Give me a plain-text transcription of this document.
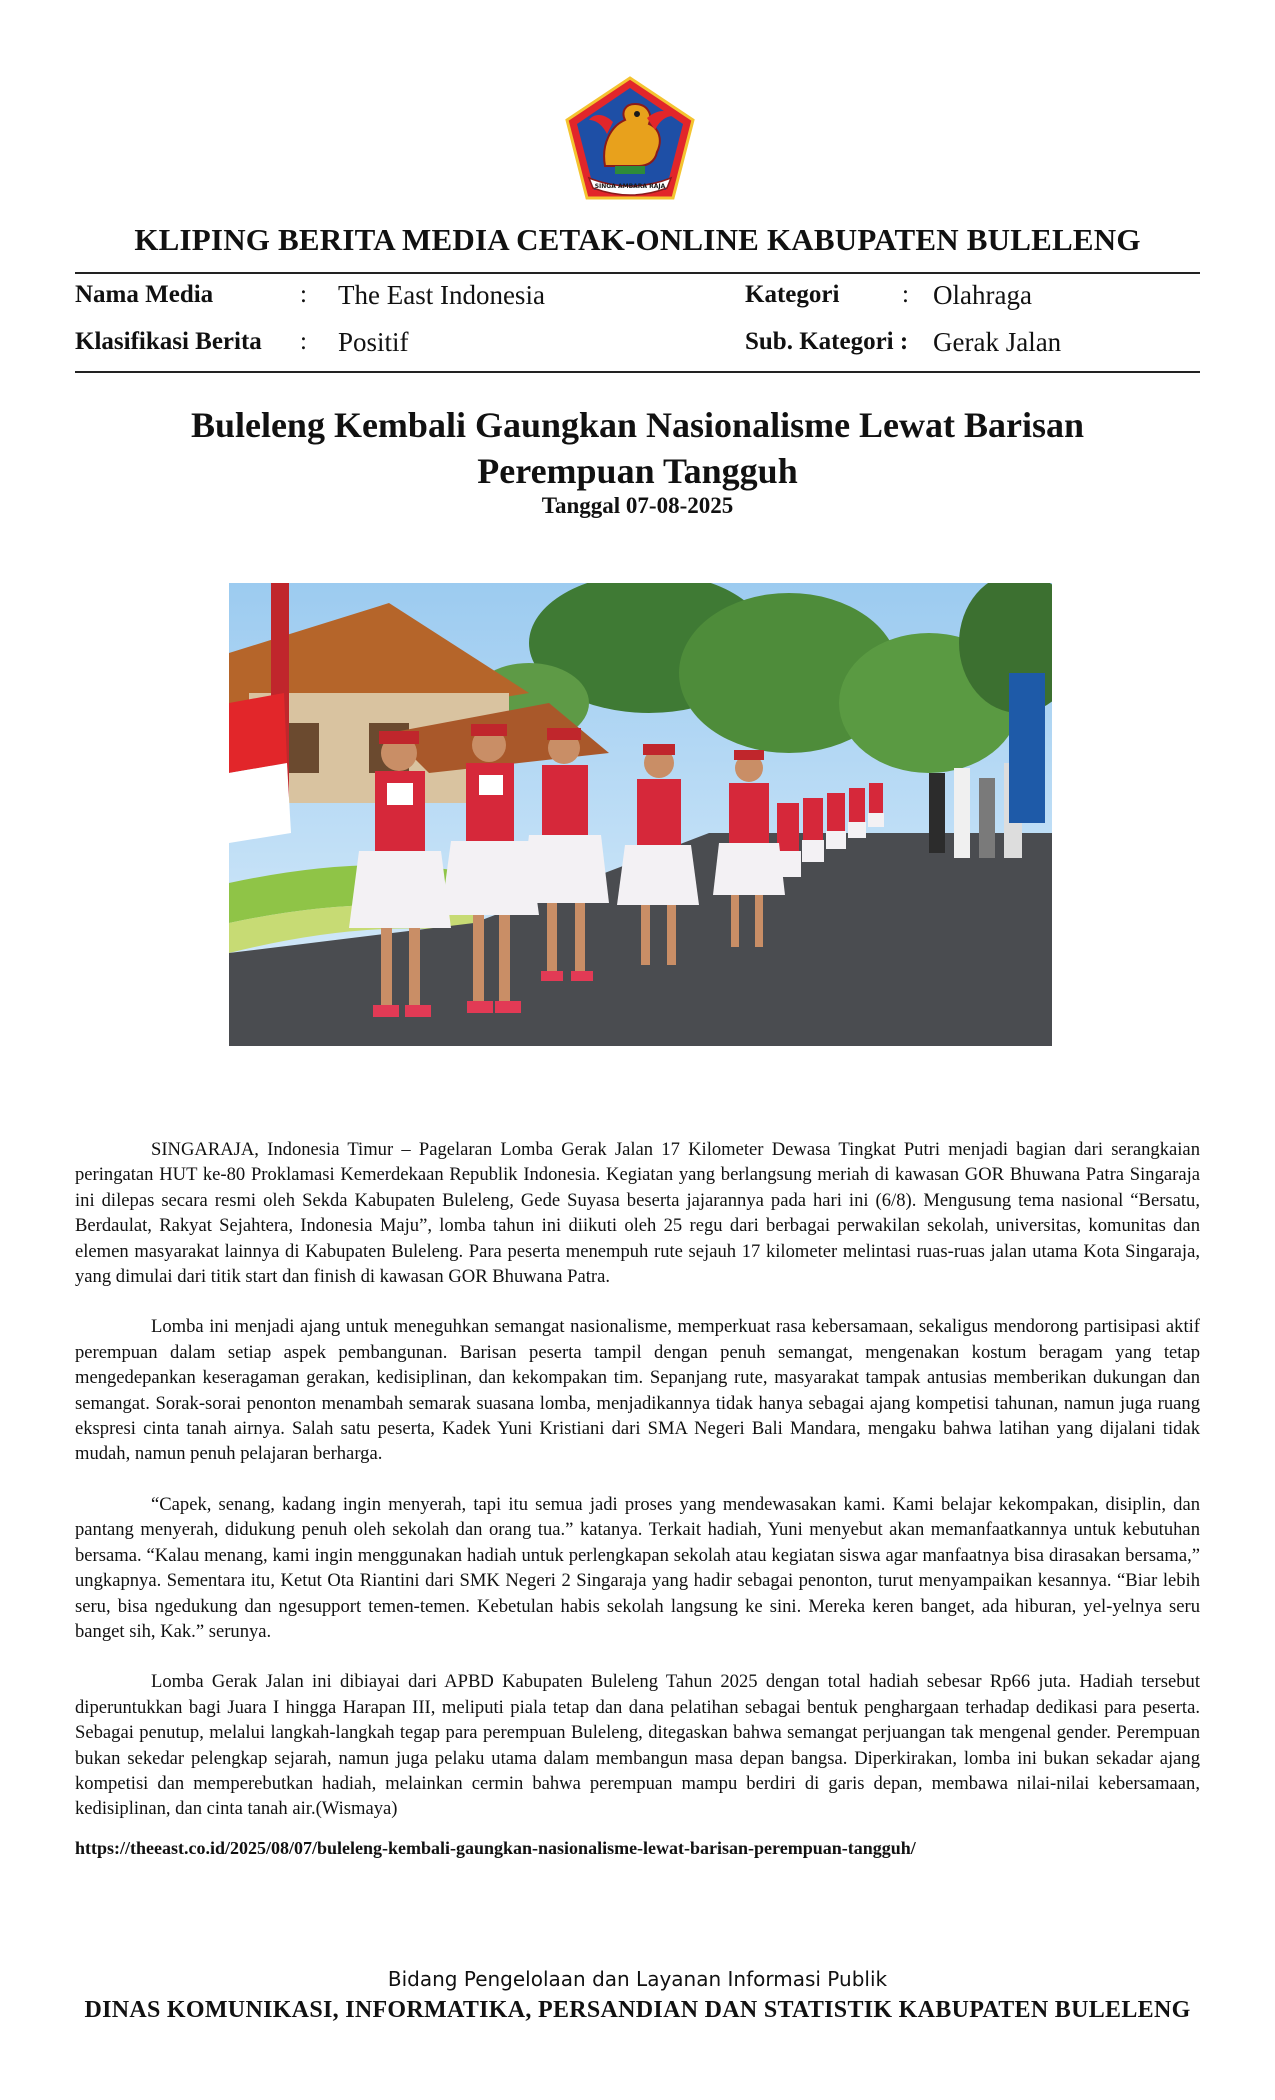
SINGA AMBARA RAJA
KLIPING BERITA MEDIA CETAK-ONLINE KABUPATEN BULELENG
Nama Media	: The East Indonesia
Klasifikasi Berita : Positif
Kategori	: Olahraga
Sub. Kategori : Gerak Jalan
Buleleng Kembali Gaungkan Nasionalisme Lewat Barisan
Perempuan Tangguh
Tanggal 07-08-2025

SINGARAJA, Indonesia Timur – Pagelaran Lomba Gerak Jalan 17 Kilometer Dewasa Tingkat Putri menjadi bagian dari serangkaian peringatan HUT ke-80 Proklamasi Kemerdekaan Republik Indonesia. Kegiatan yang berlangsung meriah di kawasan GOR Bhuwana Patra Singaraja ini dilepas secara resmi oleh Sekda Kabupaten Buleleng, Gede Suyasa beserta jajarannya pada hari ini (6/8). Mengusung tema nasional “Bersatu, Berdaulat, Rakyat Sejahtera, Indonesia Maju”, lomba tahun ini diikuti oleh 25 regu dari berbagai perwakilan sekolah, universitas, komunitas dan elemen masyarakat lainnya di Kabupaten Buleleng. Para peserta menempuh rute sejauh 17 kilometer melintasi ruas-ruas jalan utama Kota Singaraja, yang dimulai dari titik start dan finish di kawasan GOR Bhuwana Patra.

Lomba ini menjadi ajang untuk meneguhkan semangat nasionalisme, memperkuat rasa kebersamaan, sekaligus mendorong partisipasi aktif perempuan dalam setiap aspek pembangunan. Barisan peserta tampil dengan penuh semangat, mengenakan kostum beragam yang tetap mengedepankan keseragaman gerakan, kedisiplinan, dan kekompakan tim. Sepanjang rute, masyarakat tampak antusias memberikan dukungan dan semangat. Sorak-sorai penonton menambah semarak suasana lomba, menjadikannya tidak hanya sebagai ajang kompetisi tahunan, namun juga ruang ekspresi cinta tanah airnya. Salah satu peserta, Kadek Yuni Kristiani dari SMA Negeri Bali Mandara, mengaku bahwa latihan yang dijalani tidak mudah, namun penuh pelajaran berharga.

“Capek, senang, kadang ingin menyerah, tapi itu semua jadi proses yang mendewasakan kami. Kami belajar kekompakan, disiplin, dan pantang menyerah, didukung penuh oleh sekolah dan orang tua.” katanya. Terkait hadiah, Yuni menyebut akan memanfaatkannya untuk kebutuhan bersama. “Kalau menang, kami ingin menggunakan hadiah untuk perlengkapan sekolah atau kegiatan siswa agar manfaatnya bisa dirasakan bersama,” ungkapnya. Sementara itu, Ketut Ota Riantini dari SMK Negeri 2 Singaraja yang hadir sebagai penonton, turut menyampaikan kesannya. “Biar lebih seru, bisa ngedukung dan ngesupport temen-temen. Kebetulan habis sekolah langsung ke sini. Mereka keren banget, ada hiburan, yel-yelnya seru banget sih, Kak.” serunya.

Lomba Gerak Jalan ini dibiayai dari APBD Kabupaten Buleleng Tahun 2025 dengan total hadiah sebesar Rp66 juta. Hadiah tersebut diperuntukkan bagi Juara I hingga Harapan III, meliputi piala tetap dan dana pelatihan sebagai bentuk penghargaan terhadap dedikasi para peserta. Sebagai penutup, melalui langkah-langkah tegap para perempuan Buleleng, ditegaskan bahwa semangat perjuangan tak mengenal gender. Perempuan bukan sekedar pelengkap sejarah, namun juga pelaku utama dalam membangun masa depan bangsa. Diperkirakan, lomba ini bukan sekadar ajang kompetisi dan memperebutkan hadiah, melainkan cermin bahwa perempuan mampu berdiri di garis depan, membawa nilai-nilai kebersamaan, kedisiplinan, dan cinta tanah air.(Wismaya)

https://theeast.co.id/2025/08/07/buleleng-kembali-gaungkan-nasionalisme-lewat-barisan-perempuan-tangguh/
Bidang Pengelolaan dan Layanan Informasi Publik
DINAS KOMUNIKASI, INFORMATIKA, PERSANDIAN DAN STATISTIK KABUPATEN BULELENG
